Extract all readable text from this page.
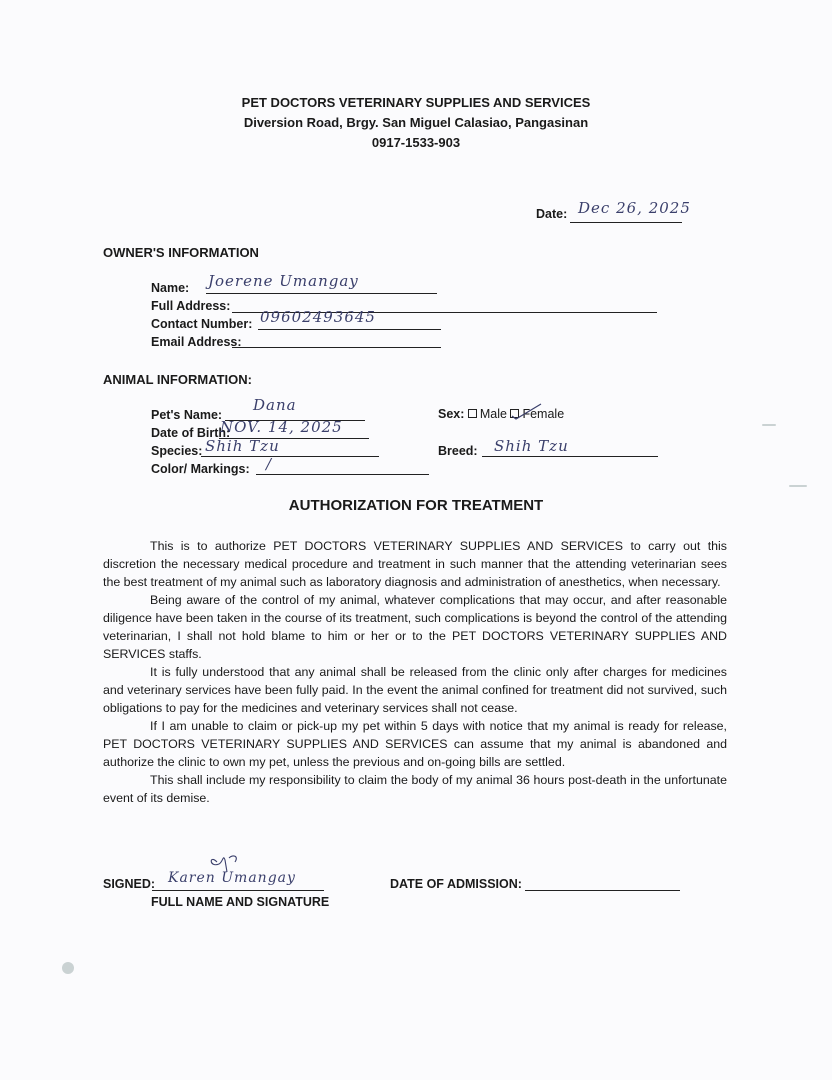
PET DOCTORS VETERINARY SUPPLIES AND SERVICES
Diversion Road, Brgy. San Miguel Calasiao, Pangasinan
0917-1533-903
Date: Dec 26, 2025
OWNER'S INFORMATION
Name: Joerene Umangay
Full Address:
Contact Number: 09602493645
Email Address:
ANIMAL INFORMATION:
Pet's Name:
Dana
Date of Birth:
NOV. 14, 2025
Species: Shih Tzu
Color/ Markings: /
Sex: Male Female
Breed: Shih Tzu
AUTHORIZATION FOR TREATMENT

This is to authorize PET DOCTORS VETERINARY SUPPLIES AND SERVICES to carry out this discretion the necessary medical procedure and treatment in such manner that the attending veterinarian sees the best treatment of my animal such as laboratory diagnosis and administration of anesthetics, when necessary.

Being aware of the control of my animal, whatever complications that may occur, and after reasonable diligence have been taken in the course of its treatment, such complications is beyond the control of the attending veterinarian, I shall not hold blame to him or her or to the PET DOCTORS VETERINARY SUPPLIES AND SERVICES staffs.

It is fully understood that any animal shall be released from the clinic only after charges for medicines and veterinary services have been fully paid. In the event the animal confined for treatment did not survived, such obligations to pay for the medicines and veterinary services shall not cease.

If I am unable to claim or pick-up my pet within 5 days with notice that my animal is ready for release, PET DOCTORS VETERINARY SUPPLIES AND SERVICES can assume that my animal is abandoned and authorize the clinic to own my pet, unless the previous and on-going bills are settled.

This shall include my responsibility to claim the body of my animal 36 hours post-death in the unfortunate event of its demise.

SIGNED: Karen Umangay
FULL NAME AND SIGNATURE
DATE OF ADMISSION:
